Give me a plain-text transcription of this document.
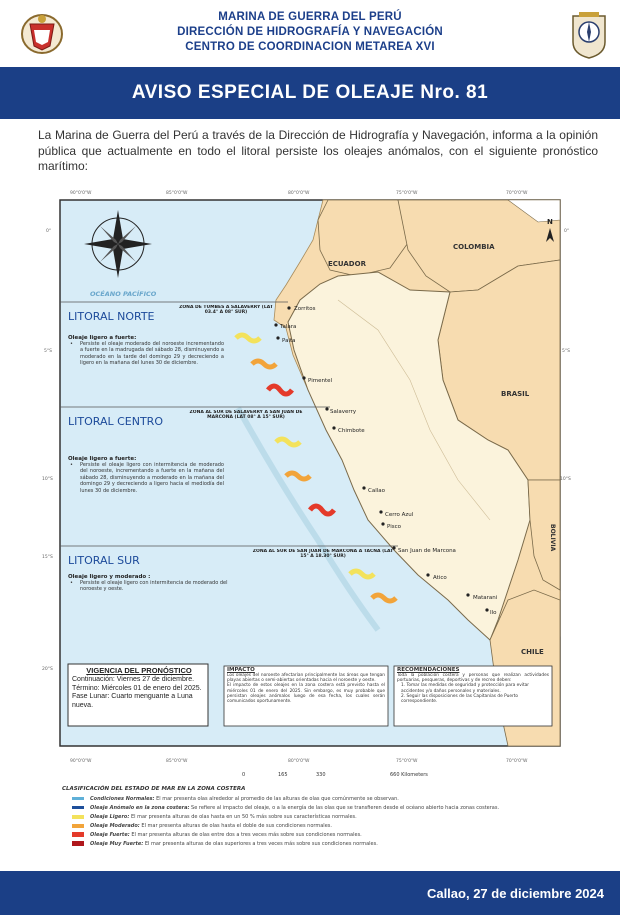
MARINA DE GUERRA DEL PERÚ
DIRECCIÓN DE HIDROGRAFÍA Y NAVEGACIÓN
CENTRO DE COORDINACION METAREA XVI
AVISO ESPECIAL DE OLEAJE Nro. 81
La Marina de Guerra del Perú a través de la Dirección de Hidrografía y Navegación, informa a la opinión pública que actualmente en todo el litoral persiste los oleajes anómalos, con el siguiente pronóstico marítimo:
90°0'0"W	85°0'0"W	80°0'0"W	75°0'0"W	70°0'0"W
90°0'0"W	85°0'0"W	80°0'0"W	75°0'0"W	70°0'0"W
0°
5°S
10°S
15°S
20°S
0°
5°S
10°S
ECUADOR
COLOMBIA
BRASIL
BOLIVIA
CHILE
N
OCÉANO PACÍFICO
Zorritos
Talara
Paita
Pimentel
Salaverry
Chimbote
Callao
Cerro Azul
Pisco
San Juan de Marcona
Atico
Matarani
Ilo
LITORAL NORTE
ZONA DE TUMBES A SALAVERRY (LAT 03.4° A 08° SUR)
Oleaje ligero a fuerte:
• Persiste el oleaje moderado del noroeste incrementando a fuerte en la madrugada del sábado 28, disminuyendo a moderado en la tarde del domingo 29 y decreciendo a ligero en la mañana del lunes 30 de diciembre.
LITORAL CENTRO
ZONA AL SUR DE SALAVERRY A SAN JUAN DE MARCONA (LAT 08° A 15° SUR)
Oleaje ligero a fuerte:
• Persiste el oleaje ligero con intermitencia de moderado del noroeste, incrementando a fuerte en la mañana del sábado 28, disminuyendo a moderado en la mañana del domingo 29 y decreciendo a ligero hacia el mediodía del lunes 30 de diciembre.
LITORAL SUR
ZONA AL SUR DE SAN JUAN DE MARCONA A TACNA (LAT 15° A 18.30° SUR)
Oleaje ligero y moderado :
• Persiste el oleaje ligero con intermitencia de moderado del noroeste y oeste.
VIGENCIA DEL PRONÓSTICO
Continuación: Viernes 27 de diciembre.
Término: Miércoles 01 de enero del 2025.
Fase Lunar: Cuarto menguante a Luna nueva.
IMPACTO
Los oleajes del noroeste afectarían principalmente las áreas que tengan playas abiertas o semi-abiertas orientadas hacia el noroeste y oeste.
El impacto de estos oleajes en la zona costera está previsto hasta el miércoles 01 de enero del 2025. Sin embargo, es muy probable que persistan oleajes anómalos luego de esa fecha, los cuales serán comunicados oportunamente.
RECOMENDACIONES
Toda la población costera y personas que realizan actividades portuarias, pesqueras, deportivas y de recreo deben:
1. Tomar las medidas de seguridad y protección para evitar accidentes y/o daños personales y materiales.
2. Seguir las disposiciones de las Capitanías de Puerto correspondiente.
0	165	330	660 Kilometers
CLASIFICACIÓN DEL ESTADO DE MAR EN LA ZONA COSTERA
Condiciones Normales: El mar presenta olas alrededor al promedio de las alturas de olas que comúnmente se observan.
Oleaje Anómalo en la zona costera: Se refiere al impacto del oleaje, o a la energía de las olas que se transfieren desde el océano abierto hacia zonas costeras.
Oleaje Ligero: El mar presenta alturas de olas hasta en un 50 % más sobre sus características normales.
Oleaje Moderado: El mar presenta alturas de olas hasta el doble de sus condiciones normales.
Oleaje Fuerte: El mar presenta alturas de olas entre dos a tres veces más sobre sus condiciones normales.
Oleaje Muy Fuerte: El mar presenta alturas de olas superiores a tres veces más sobre sus condiciones normales.
Callao, 27 de diciembre 2024
